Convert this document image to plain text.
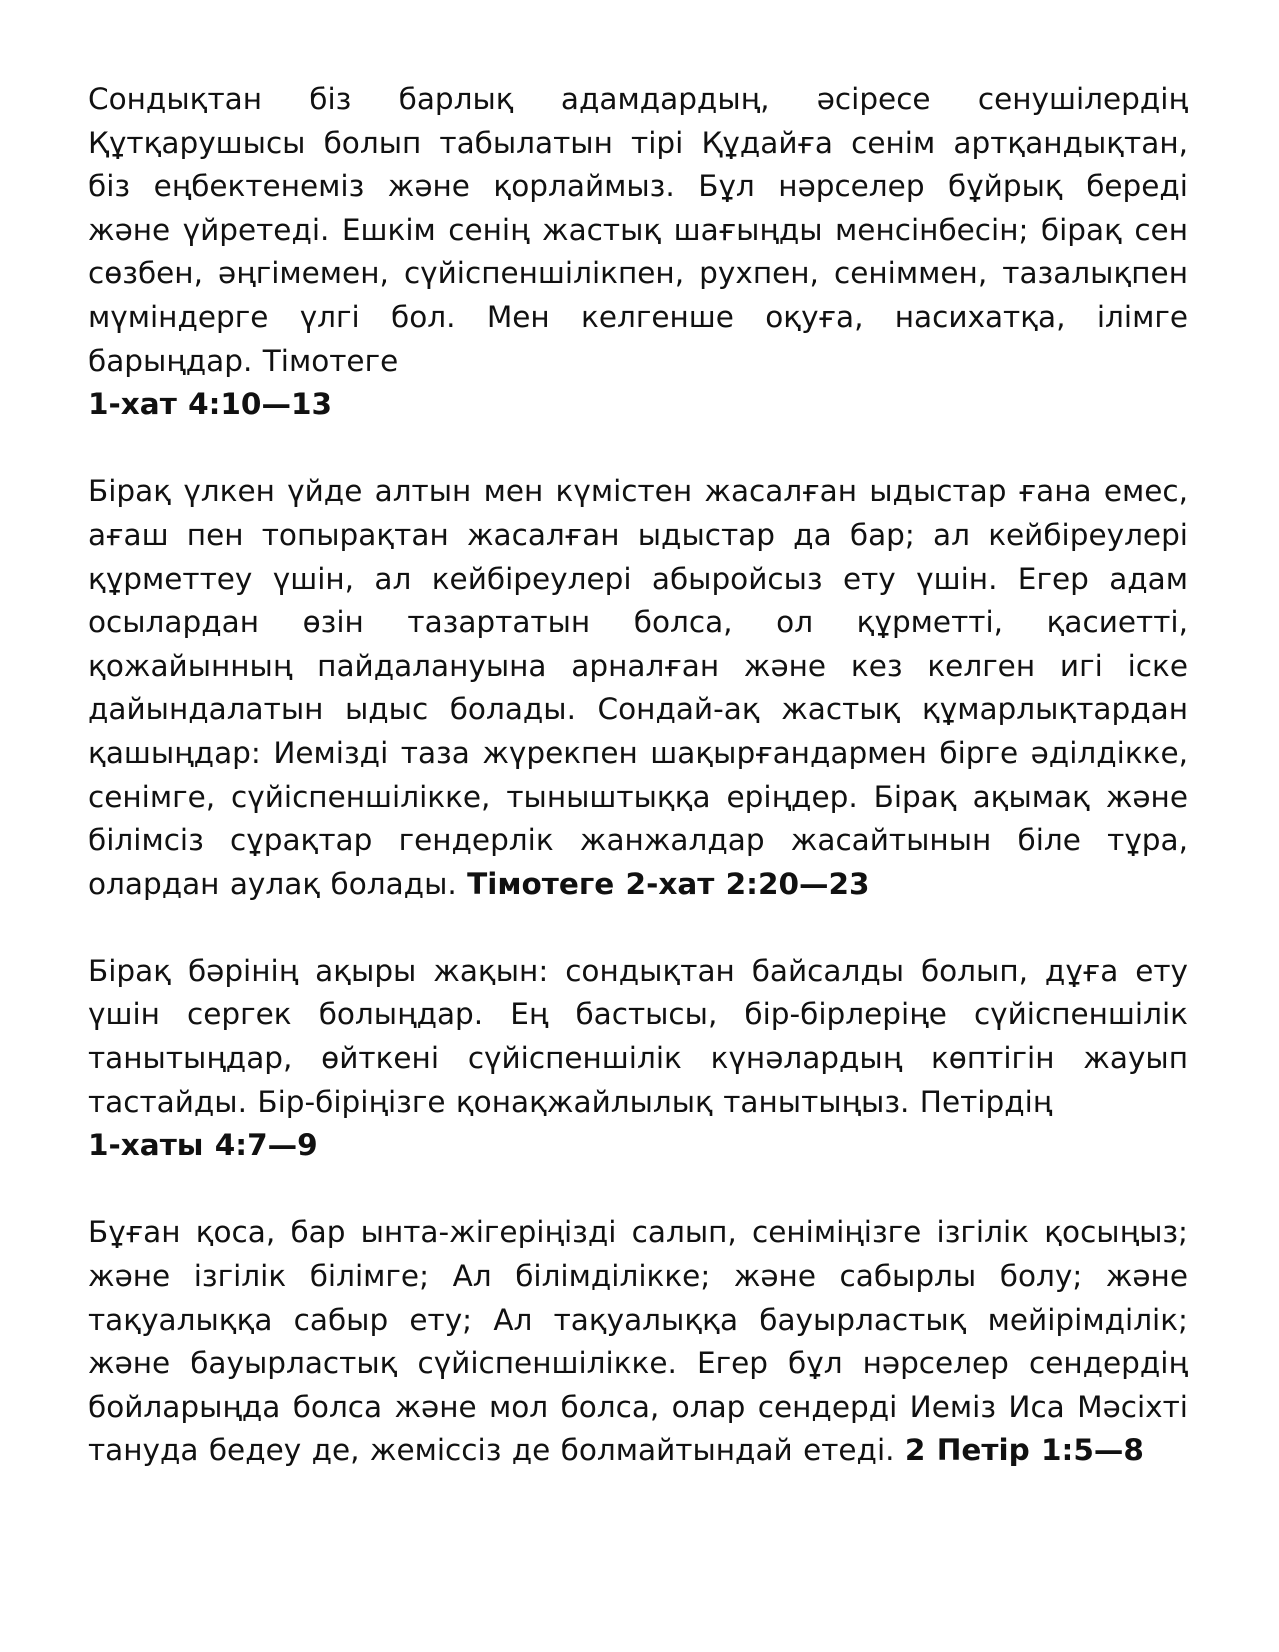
Сондықтан біз барлық адамдардың, әсіресе сенушілердің Құтқарушысы болып табылатын тірі Құдайға сенім артқандықтан, біз еңбектенеміз және қорлаймыз. Бұл нәрселер бұйрық береді және үйретеді. Ешкім сенің жастық шағыңды менсінбесін; бірақ сен сөзбен, әңгімемен, сүйіспеншілікпен, рухпен, сеніммен, тазалықпен мүміндерге үлгі бол. Мен келгенше оқуға, насихатқа, ілімге барыңдар. Тімотеге
1-хат 4:10—13

Бірақ үлкен үйде алтын мен күмістен жасалған ыдыстар ғана емес, ағаш пен топырақтан жасалған ыдыстар да бар; ал кейбіреулері құрметтеу үшін, ал кейбіреулері абыройсыз ету үшін. Егер адам осылардан өзін тазартатын болса, ол құрметті, қасиетті, қожайынның пайдалануына арналған және кез келген игі іске дайындалатын ыдыс болады. Сондай-ақ жастық құмарлықтардан қашыңдар: Иемізді таза жүрекпен шақырғандармен бірге әділдікке, сенімге, сүйіспеншілікке, тыныштыққа еріңдер. Бірақ ақымақ және білімсіз сұрақтар гендерлік жанжалдар жасайтынын біле тұра, олардан аулақ болады. Тімотеге 2-хат 2:20—23

Бірақ бәрінің ақыры жақын: сондықтан байсалды болып, дұға ету үшін сергек болыңдар. Ең бастысы, бір-бірлеріңе сүйіспеншілік танытыңдар, өйткені сүйіспеншілік күнәлардың көптігін жауып тастайды. Бір-біріңізге қонақжайлылық танытыңыз. Петірдің
1-хаты 4:7—9

Бұған қоса, бар ынта-жігеріңізді салып, сеніміңізге ізгілік қосыңыз; және ізгілік білімге; Ал білімділікке; және сабырлы болу; және тақуалыққа сабыр ету; Ал тақуалыққа бауырластық мейірімділік; және бауырластық сүйіспеншілікке. Егер бұл нәрселер сендердің бойларыңда болса және мол болса, олар сендерді Иеміз Иса Мәсіхті тануда бедеу де, жеміссіз де болмайтындай етеді. 2 Петір 1:5—8
